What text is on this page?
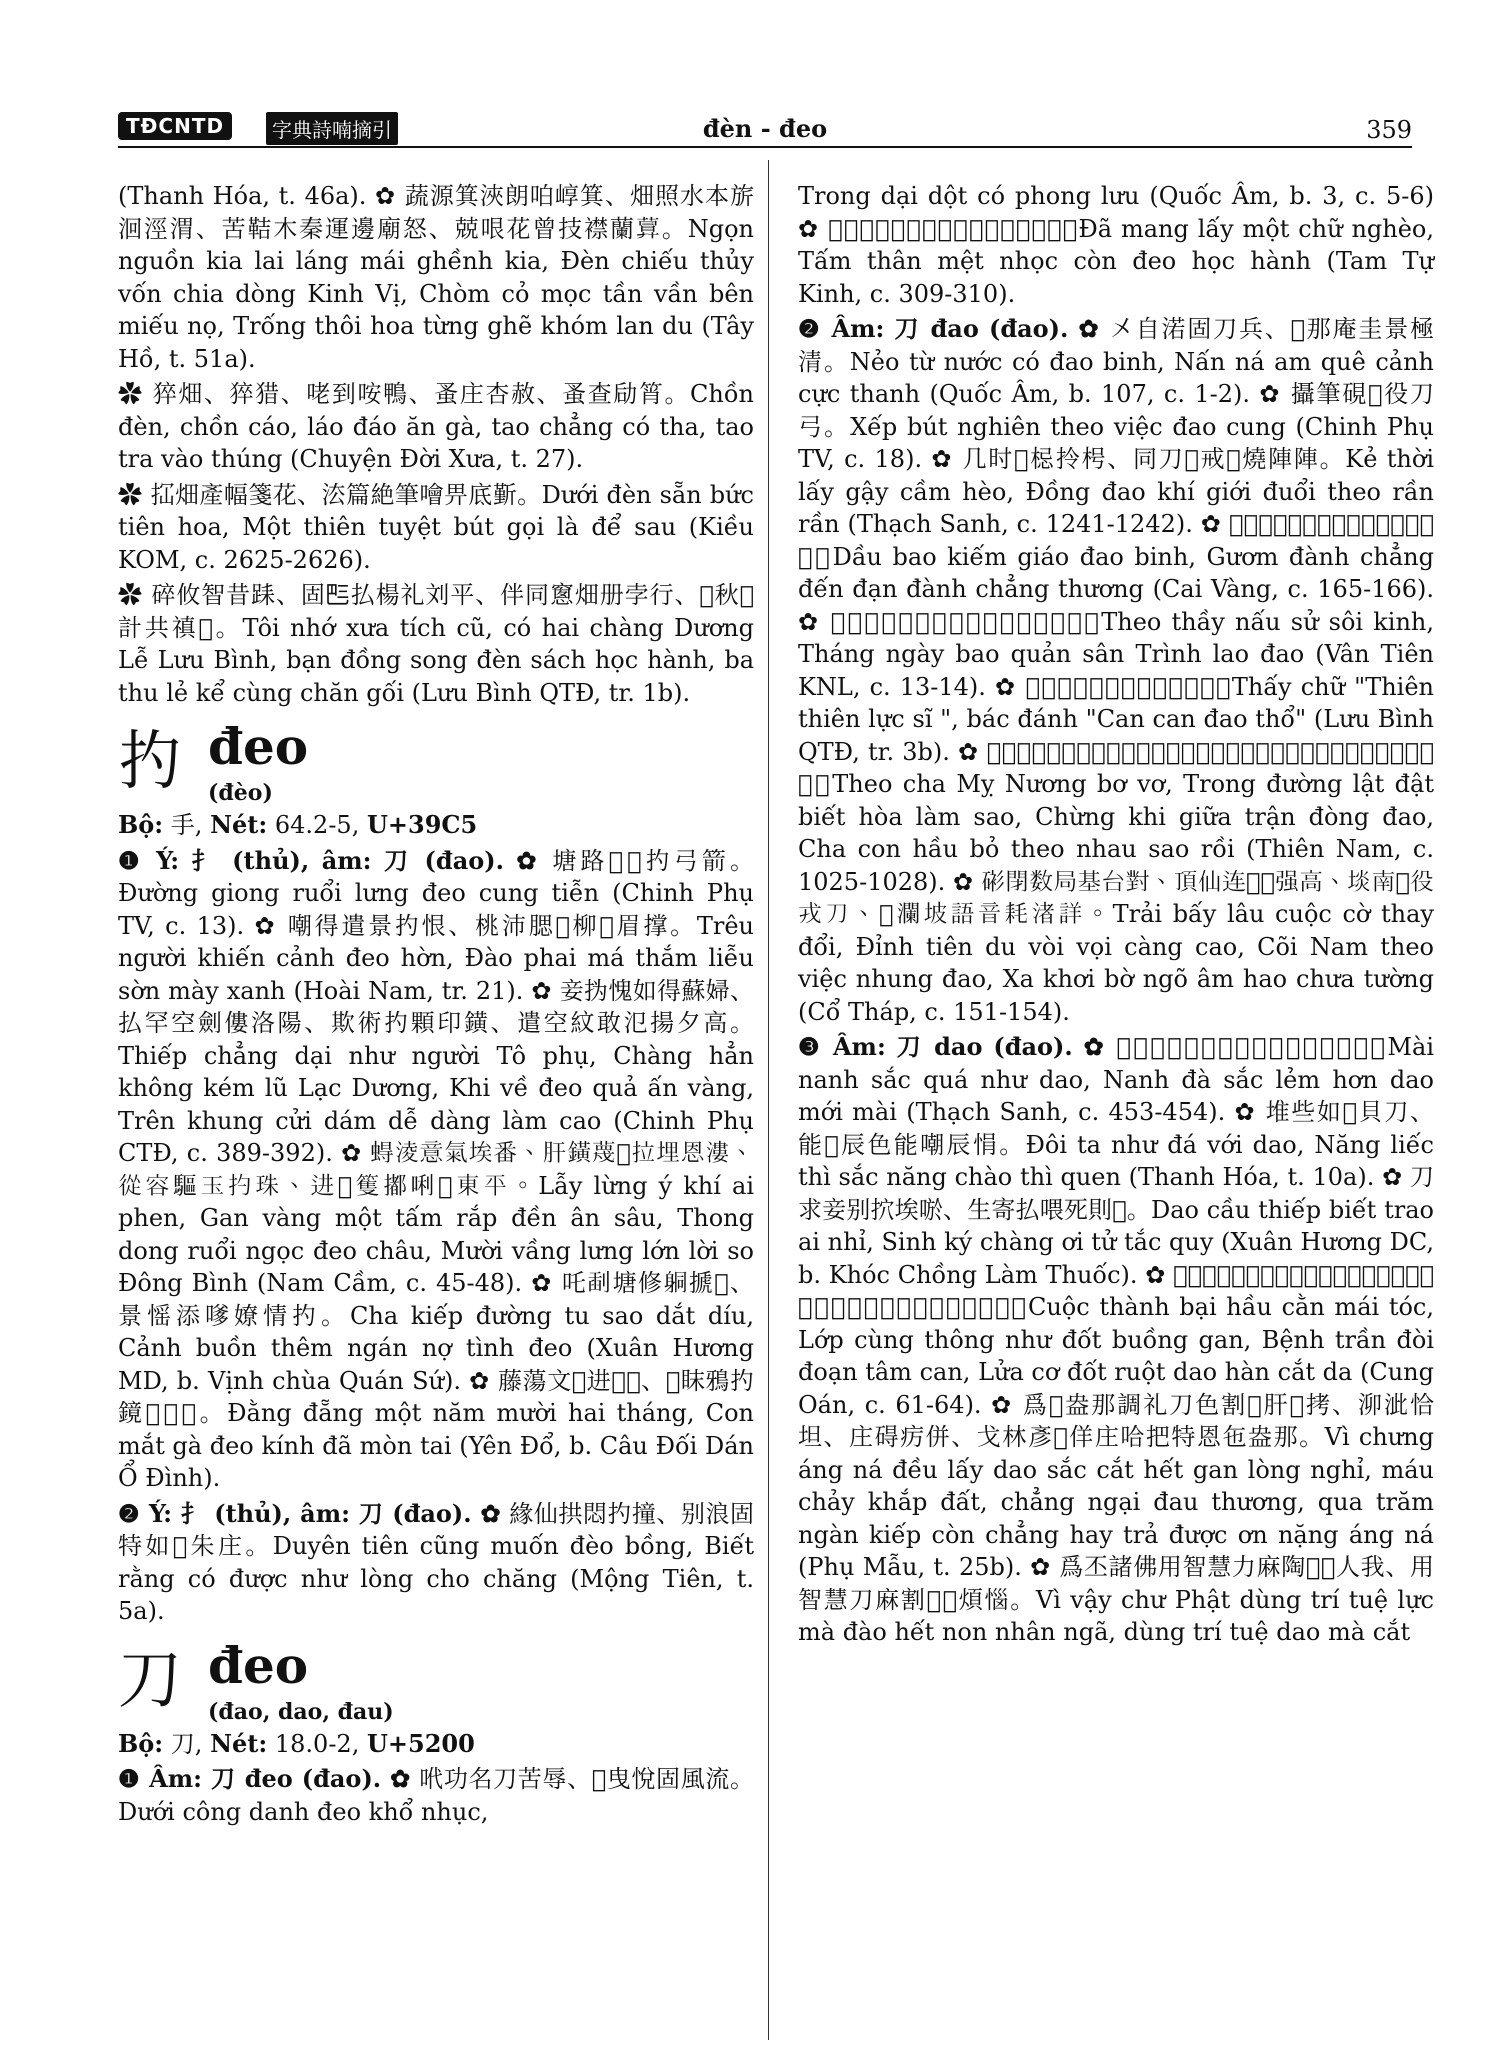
TĐCNTD	字典詩喃摘引	đèn - đeo	359

(Thanh Hóa, t. 46a). ✿ 蔬源箕浹朗㕷崞箕、畑照水本旂洄涇渭、苦鞊木秦運邊廟怒、兢哏花曾技襟蘭𦽹。Ngọn nguồn kia lai láng mái ghềnh kia, Đèn chiếu thủy vốn chia dòng Kinh Vị, Chòm cỏ mọc tần vần bên miếu nọ, Trống thôi hoa từng ghẽ khóm lan du (Tây Hồ, t. 51a).

✿ 猝畑、猝猎、咾到咹鴨、蚤庄杏赦、蚤查劶筲。Chồn đèn, chồn cáo, láo đáo ăn gà, tao chẳng có tha, tao tra vào thúng (Chuyện Đời Xưa, t. 27).

✿ 𢫏畑產幅箋花、㳒篇絶筆噲畀底斳。Dưới đèn sẵn bức tiên hoa, Một thiên tuyệt bút gọi là để sau (Kiều KOM, c. 2625-2626).

✿ 碎攸智昔𨀤、固𠀧払楊礼刘平、伴同窻畑册孛行、𢀦秋𥘀計共禛𧙀。Tôi nhớ xưa tích cũ, có hai chàng Dương Lễ Lưu Bình, bạn đồng song đèn sách học hành, ba thu lẻ kể cùng chăn gối (Lưu Bình QTĐ, tr. 1b).

扚 đeo
(đèo)

Bộ: 手, Nét: 64.2-5, U+39C5

❶ Ý: 扌 (thủ), âm: 刀 (đao). ✿ 塘路𨇒𦡟扚弓箭。Đường giong ruổi lưng đeo cung tiễn (Chinh Phụ TV, c. 13). ✿ 嘲得遣景扚恨、桃沛腮𦼥柳𣻆眉撑。Trêu người khiến cảnh đeo hờn, Đào phai má thắm liễu sờn mày xanh (Hoài Nam, tr. 21). ✿ 妾㧑愧如得蘇婦、払罕空劍僂洛陽、欺術扚顆印鐄、遣空紋敢氾揚夕高。Thiếp chẳng dại như người Tô phụ, Chàng hẳn không kém lũ Lạc Dương, Khi về đeo quả ấn vàng, Trên khung cửi dám dễ dàng làm cao (Chinh Phụ CTĐ, c. 389-392). ✿ 𧍋淩意氣埃番、肝鐄蔑𫀅拉埋恩漊、從容驅玉扚珠、进𨤔篗𢵋唎𢵰東平。Lẫy lừng ý khí ai phen, Gan vàng một tấm rắp đền ân sâu, Thong dong ruổi ngọc đeo châu, Mười vầng lưng lớn lời so Đông Bình (Nam Cầm, c. 45-48). ✿ 吒𠝞塘修𨈹搋𢬣、景愮添嗲嫽情扚。Cha kiếp đường tu sao dắt díu, Cảnh buồn thêm ngán nợ tình đeo (Xuân Hương MD, b. Vịnh chùa Quán Sứ). ✿ 藤蕩文𢆥进𠀧𦣰、𥉰眜鴉扚鏡𠀧𥊚𦖑。Đằng đẵng một năm mười hai tháng, Con mắt gà đeo kính đã mòn tai (Yên Đổ, b. Câu Đối Dán Ổ Đình).

❷ Ý: 扌 (thủ), âm: 刀 (đao). ✿ 緣仙拱悶扚撞、别浪固特如𢚸朱庄。Duyên tiên cũng muốn đèo bồng, Biết rằng có được như lòng cho chăng (Mộng Tiên, t. 5a).

刀 đeo
(đao, dao, đau)

Bộ: 刀, Nét: 18.0-2, U+5200

❶ Âm: 刀 đeo (đao). ✿ 𠰺功名刀苦辱、𩈘曳悅固風流。Dưới công danh đeo khổ nhục,

Trong dại dột có phong lưu (Quốc Âm, b. 3, c. 5-6) ✿ 𠃅芒𥘀文字𪅾、总身疫𢉩佯刀孛行。Đã mang lấy một chữ nghèo, Tấm thân mệt nhọc còn đeo học hành (Tam Tự Kinh, c. 309-310).

❷ Âm: 刀 đao (đao). ✿ 㐅自渃固刀兵、𨁪那庵圭景極清。Nẻo từ nước có đao binh, Nấn ná am quê cảnh cực thanh (Quốc Âm, b. 107, c. 1-2). ✿ 攝筆硯𨀈役刀弓。Xếp bút nghiên theo việc đao cung (Chinh Phụ TV, c. 18). ✿ 几时𥘀梞拎枵、同刀𨱽戒𨖲燒陣陣。Kẻ thời lấy gậy cầm hèo, Đồng đao khí giới đuổi theo rần rần (Thạch Sanh, c. 1241-1242). ✿ 𨑗色劔教刀兵、𢤜停庄典憚停庄傷。Dầu bao kiếm giáo đao binh, Gươm đành chẳng đến đạn đành chẳng thương (Cai Vàng, c. 165-166). ✿ 𨀈柴𤇮史𦇒經、𦝄𣋚色𢚸𤈜程劳刀。Theo thầy nấu sử sôi kinh, Tháng ngày bao quản sân Trình lao đao (Vân Tiên KNL, c. 13-14). ✿ 𧡊𡦂千千力士𫁅打干干刀土。Thấy chữ "Thiên thiên lực sĩ ", bác đánh "Can can đao thổ" (Lưu Bình QTĐ, tr. 3b). ✿ 𨀈吒媚娘㐌為、工唐𤂬撻别和夕牢、𤎒欺𦓡陣同刀、吒昆𠈗補𨀈鐃牢移。Theo cha Mỵ Nương bơ vơ, Trong đường lật đật biết hòa làm sao, Chừng khi giữa trận đòng đao, Cha con hầu bỏ theo nhau sao rồi (Thiên Nam, c. 1025-1028). ✿ 𥓸閉数局基台對、頂仙连𢧚𢧚强高、埮南𨀈役戎刀、𣲤瀾坡語音耗渚詳。Trải bấy lâu cuộc cờ thay đổi, Đỉnh tiên du vòi vọi càng cao, Cõi Nam theo việc nhung đao, Xa khơi bờ ngõ âm hao chưa tường (Cổ Tháp, c. 151-154).

❸ Âm: 刀 dao (đao). ✿ 𥕄釾鈌过如刀、釾它鈌欽欣交買鉭。Mài nanh sắc quá như dao, Nanh đà sắc lẻm hơn dao mới mài (Thạch Sanh, c. 453-454). ✿ 堆些如𥒥貝刀、能𥕄辰色能嘲辰悁。Đôi ta như đá với dao, Năng liếc thì sắc năng chào thì quen (Thanh Hóa, t. 10a). ✿ 刀求妾别㧒埃唹、生寄払喂死則𡢐。Dao cầu thiếp biết trao ai nhỉ, Sinh ký chàng ơi tử tắc quy (Xuân Hương DC, b. Khóc Chồng Làm Thuốc). ✿ 𢀭成敗𠋦𠫾㕷𩯀、拉窮通如𤈜𦟐肝、病塵隊断心肝、焒𩛷焠肆刀寒割𦛌。Cuộc thành bại hầu cằn mái tóc, Lớp cùng thông như đốt buồng gan, Bệnh trần đòi đoạn tâm can, Lửa cơ đốt ruột dao hàn cắt da (Cung Oán, c. 61-64). ✿ 爲𡗶盎那調礼刀色割𣦍肝𦝬拷、泖泚恰坦、庄碍疠併、戈林彥𠛌佯庄哈把特恩㐌盎那。Vì chưng áng ná đều lấy dao sắc cắt hết gan lòng nghỉ, máu chảy khắp đất, chẳng ngại đau thương, qua trăm ngàn kiếp còn chẳng hay trả được ơn nặng áng ná (Phụ Mẫu, t. 25b). ✿ 爲丕諸佛用智慧力麻陶𣦍𡅐人我、用智慧刀麻割𣦍𦀊煩惱。Vì vậy chư Phật dùng trí tuệ lực mà đào hết non nhân ngã, dùng trí tuệ dao mà cắt
